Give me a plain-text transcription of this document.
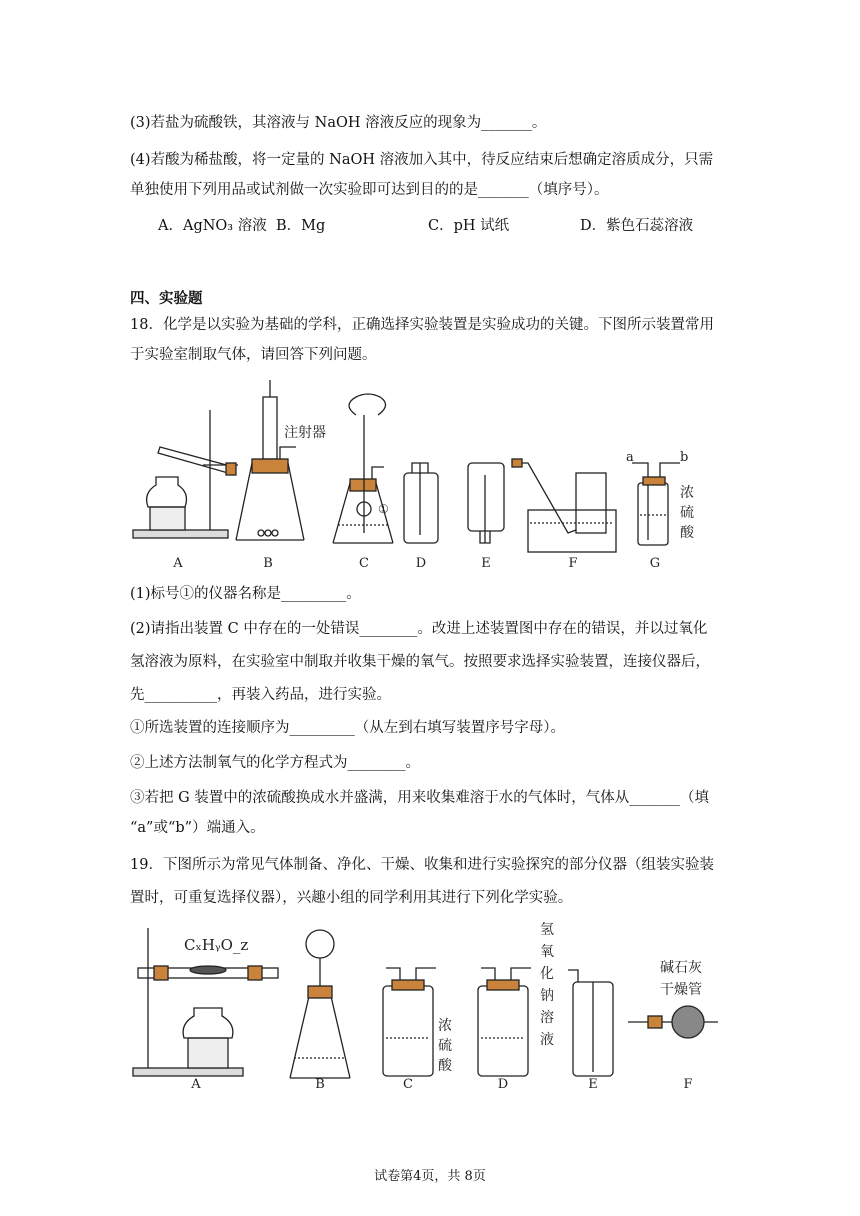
(3)若盐为硫酸铁，其溶液与 NaOH 溶液反应的现象为_______。
(4)若酸为稀盐酸，将一定量的 NaOH 溶液加入其中，待反应结束后想确定溶质成分，只需
单独使用下列用品或试剂做一次实验即可达到目的的是_______（填序号）。
A．AgNO₃ 溶液 B．Mg	C．pH 试纸	D．紫色石蕊溶液
四、实验题
18．化学是以实验为基础的学科，正确选择实验装置是实验成功的关键。下图所示装置常用
于实验室制取气体，请回答下列问题。
A	B	C	D	E	F	G
注射器
①
a	b
浓
硫
酸
(1)标号①的仪器名称是_________。
(2)请指出装置 C 中存在的一处错误________。改进上述装置图中存在的错误，并以过氧化
氢溶液为原料，在实验室中制取并收集干燥的氧气。按照要求选择实验装置，连接仪器后，
先__________，再装入药品，进行实验。
①所选装置的连接顺序为_________（从左到右填写装置序号字母）。
②上述方法制氧气的化学方程式为________。
③若把 G 装置中的浓硫酸换成水并盛满，用来收集难溶于水的气体时，气体从_______（填
“a”或“b”）端通入。
19．下图所示为常见气体制备、净化、干燥、收集和进行实验探究的部分仪器（组装实验装
置时，可重复选择仪器），兴趣小组的同学利用其进行下列化学实验。
A	B	C	D	E	F
CₓHᵧO_z
浓
硫
酸
氢
氧
化
钠
溶
液
碱石灰
干燥管
试卷第4页，共 8页
